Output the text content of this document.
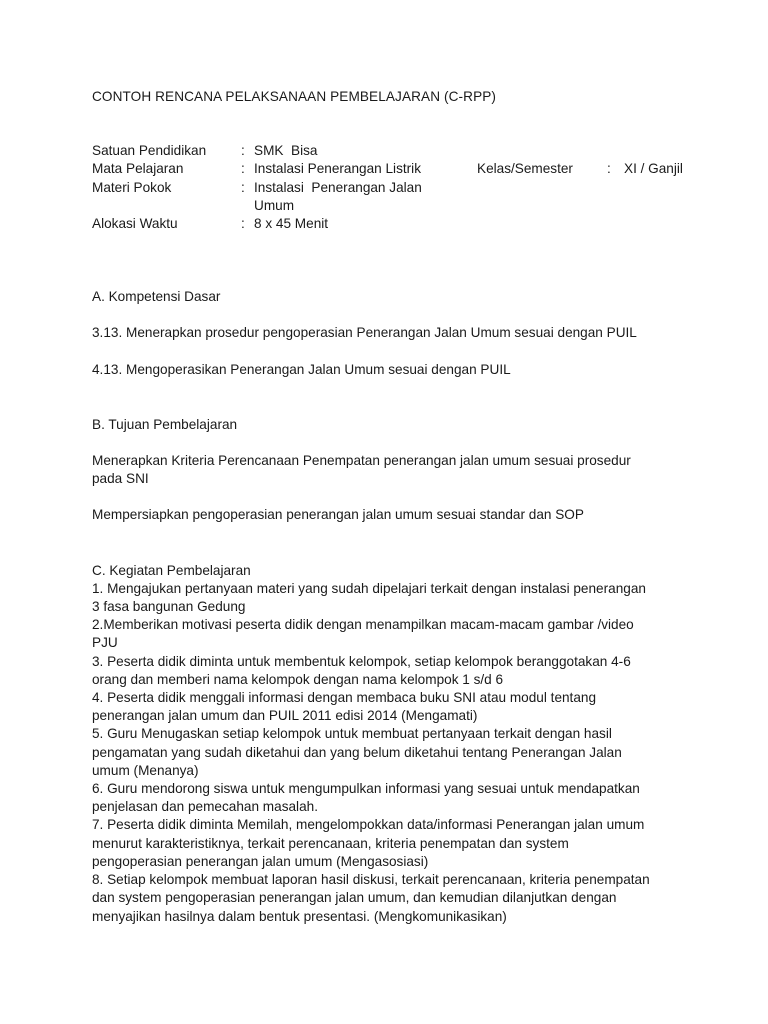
CONTOH RENCANA PELAKSANAAN PEMBELAJARAN (C-RPP)

Satuan Pendidikan	: SMK  Bisa
Mata Pelajaran	: Instalasi Penerangan Listrik	Kelas/Semester	: XI / Ganjil
Materi Pokok	: Instalasi  Penerangan Jalan
Umum
Alokasi Waktu	: 8 x 45 Menit

A. Kompetensi Dasar

3.13. Menerapkan prosedur pengoperasian Penerangan Jalan Umum sesuai dengan PUIL

4.13. Mengoperasikan Penerangan Jalan Umum sesuai dengan PUIL

B. Tujuan Pembelajaran

Menerapkan Kriteria Perencanaan Penempatan penerangan jalan umum sesuai prosedur
pada SNI

Mempersiapkan pengoperasian penerangan jalan umum sesuai standar dan SOP

C. Kegiatan Pembelajaran

1. Mengajukan pertanyaan materi yang sudah dipelajari terkait dengan instalasi penerangan
3 fasa bangunan Gedung
2.Memberikan motivasi peserta didik dengan menampilkan macam-macam gambar /video
PJU
3. Peserta didik diminta untuk membentuk kelompok, setiap kelompok beranggotakan 4-6
orang dan memberi nama kelompok dengan nama kelompok 1 s/d 6
4. Peserta didik menggali informasi dengan membaca buku SNI atau modul tentang
penerangan jalan umum dan PUIL 2011 edisi 2014 (Mengamati)
5. Guru Menugaskan setiap kelompok untuk membuat pertanyaan terkait dengan hasil
pengamatan yang sudah diketahui dan yang belum diketahui tentang Penerangan Jalan
umum (Menanya)
6. Guru mendorong siswa untuk mengumpulkan informasi yang sesuai untuk mendapatkan
penjelasan dan pemecahan masalah.
7. Peserta didik diminta Memilah, mengelompokkan data/informasi Penerangan jalan umum
menurut karakteristiknya, terkait perencanaan, kriteria penempatan dan system
pengoperasian penerangan jalan umum (Mengasosiasi)
8. Setiap kelompok membuat laporan hasil diskusi, terkait perencanaan, kriteria penempatan
dan system pengoperasian penerangan jalan umum, dan kemudian dilanjutkan dengan
menyajikan hasilnya dalam bentuk presentasi. (Mengkomunikasikan)
